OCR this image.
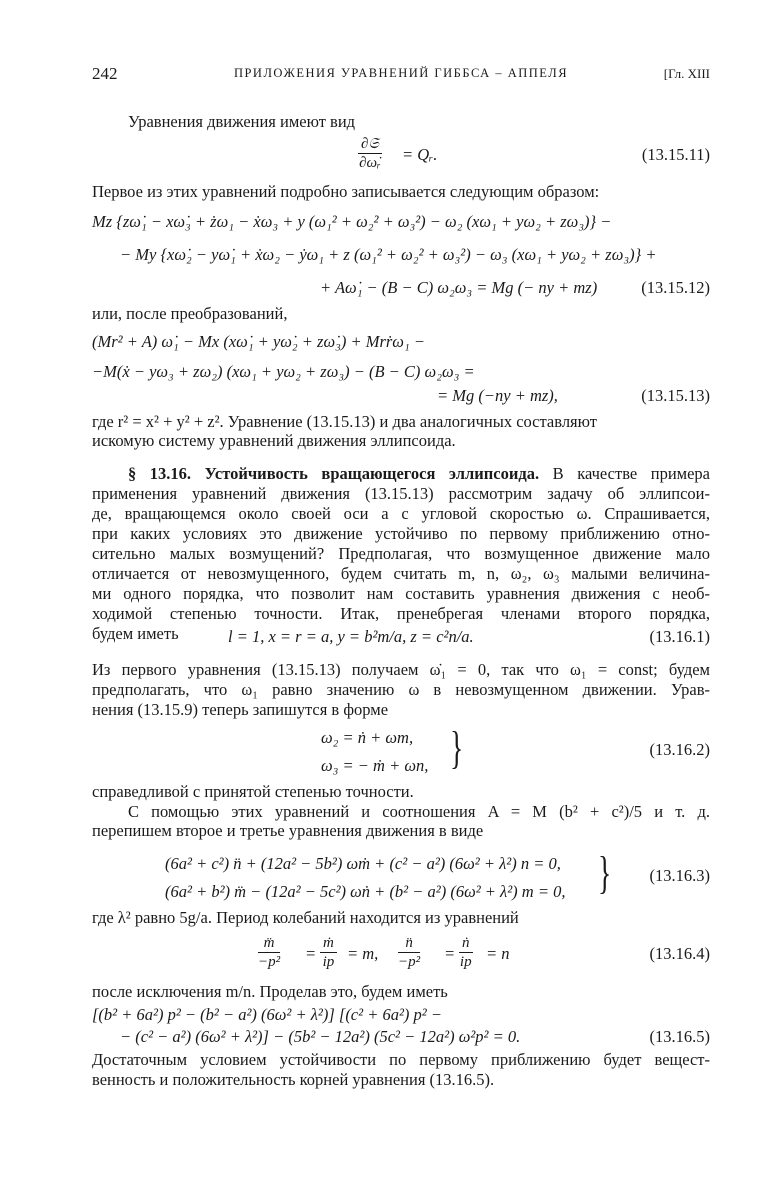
242	ПРИЛОЖЕНИЯ УРАВНЕНИЙ ГИББСА – АППЕЛЯ	[Гл. XIII
Уравнения движения имеют вид
∂𝔖
∂ω̇ᵣ = Qᵣ.	(13.15.11)
Первое из этих уравнений подробно записывается следующим образом:
Mz {zω̇₁ − xω̇₃ + żω₁ − ẋω₃ + y (ω₁² + ω₂² + ω₃²) − ω₂ (xω₁ + yω₂ + zω₃)} −
− My {xω̇₂ − yω̇₁ + ẋω₂ − ẏω₁ + z (ω₁² + ω₂² + ω₃²) − ω₃ (xω₁ + yω₂ + zω₃)} +
+ Aω̇₁ − (B − C) ω₂ω₃ = Mg (− ny + mz)	(13.15.12)
или, после преобразований,
(Mr² + A) ω̇₁ − Mx (xω̇₁ + yω̇₂ + zω̇₃) + Mrṙω₁ −
−M(ẋ − yω₃ + zω₂) (xω₁ + yω₂ + zω₃) − (B − C) ω₂ω₃ =
= Mg (−ny + mz),	(13.15.13)
где r² = x² + y² + z². Уравнение (13.15.13) и два аналогичных составляют
искомую систему уравнений движения эллипсоида.
§ 13.16. Устойчивость вращающегося эллипсоида. В качестве примера
применения уравнений движения (13.15.13) рассмотрим задачу об эллипсои-
де, вращающемся около своей оси a с угловой скоростью ω. Спрашивается,
при каких условиях это движение устойчиво по первому приближению отно-
сительно малых возмущений? Предполагая, что возмущенное движение мало
отличается от невозмущенного, будем считать m, n, ω₂, ω₃ малыми величина-
ми одного порядка, что позволит нам составить уравнения движения с необ-
ходимой степенью точности. Итак, пренебрегая членами второго порядка,
будем иметь	l = 1, x = r = a, y = b²m/a, z = c²n/a.	(13.16.1)
Из первого уравнения (13.15.13) получаем ω̇₁ = 0, так что ω₁ = const; будем
предполагать, что ω₁ равно значению ω в невозмущенном движении. Урав-
нения (13.15.9) теперь запишутся в форме
ω₂ = ṅ + ωm,
ω₃ = − ṁ + ωn, }	(13.16.2)
справедливой с принятой степенью точности.
С помощью этих уравнений и соотношения A = M (b² + c²)/5 и т. д.
перепишем второе и третье уравнения движения в виде
(6a² + c²) n̈ + (12a² − 5b²) ωṁ + (c² − a²) (6ω² + λ²) n = 0,
(6a² + b²) m̈ − (12a² − 5c²) ωṅ + (b² − a²) (6ω² + λ²) m = 0, } (13.16.3)
где λ² равно 5g/a. Период колебаний находится из уравнений
$\frac{m̈}{\text{−p²}} = \frac{\text{ṁ}}{ip} = m$, $\frac{n̈}{\text{−p²}} = \frac{\text{ṅ}}{ip} = n$	(13.16.4)
после исключения m/n. Проделав это, будем иметь
[(b² + 6a²) p² − (b² − a²) (6ω² + λ²)] [(c² + 6a²) p² −
− (c² − a²) (6ω² + λ²)] − (5b² − 12a²) (5c² − 12a²) ω²p² = 0.	(13.16.5)
Достаточным условием устойчивости по первому приближению будет вещест-
венность и положительность корней уравнения (13.16.5).
